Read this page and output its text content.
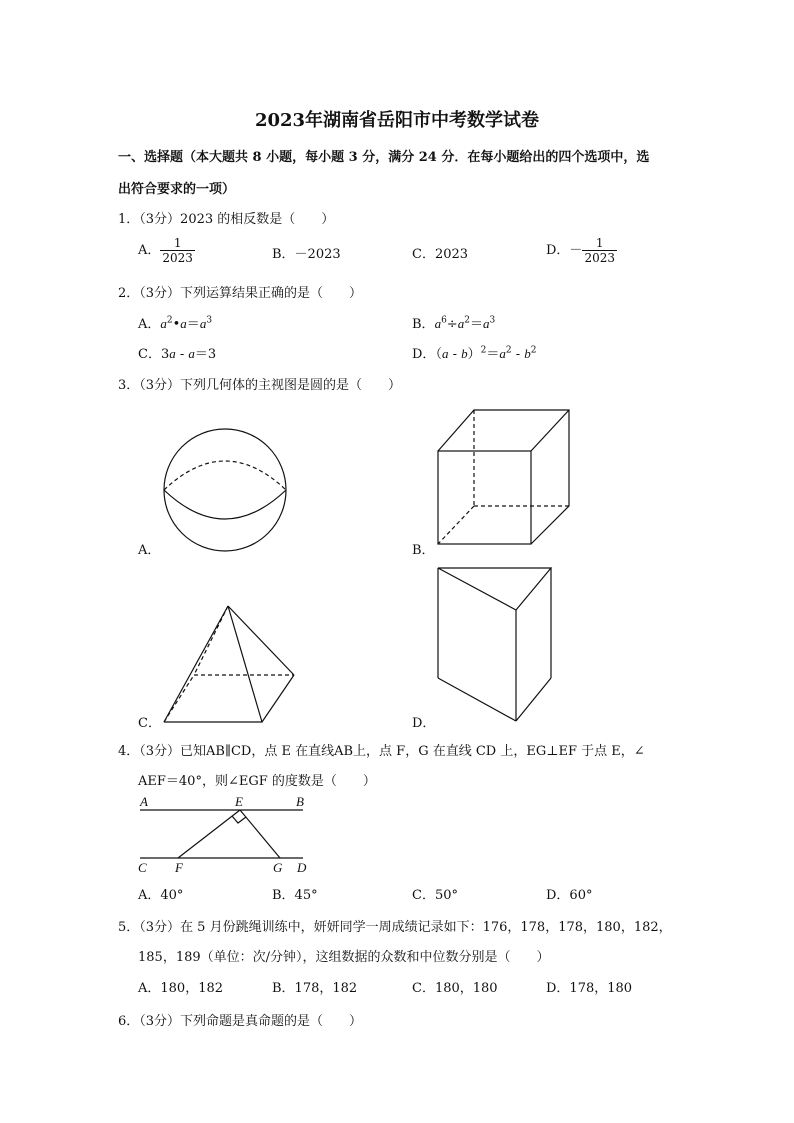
2023年湖南省岳阳市中考数学试卷
一、选择题（本大题共 8 小题，每小题 3 分，满分 24 分．在每小题给出的四个选项中，选
出符合要求的一项）
1．（3分）2023 的相反数是（　　）
A． $\frac{1}{2023}$	B．－2023	C．2023	D．－ $\frac{1}{2023}$
2．（3分）下列运算结果正确的是（　　）
A．$a^2•a=a^3$	B．$a^6\div a^2=a^3$
C．3a - a＝3	D．$(a - b)^2=a^2 - b^2$
3．（3分）下列几何体的主视图是圆的是（　　）
A．	B．
C．	D．
4．（3分）已知AB∥CD，点 E 在直线AB上，点 F，G 在直线 CD 上，EG⊥EF 于点 E，∠
AEF＝40°，则∠EGF 的度数是（　　）
A	E	B
C F	G D
A．40°	B．45°	C．50°	D．60°
5．（3分）在 5 月份跳绳训练中，妍妍同学一周成绩记录如下：176，178，178，180，182，
185，189（单位：次/分钟），这组数据的众数和中位数分别是（　　）
A．180，182	B．178，182	C．180，180	D．178，180
6．（3分）下列命题是真命题的是（　　）
